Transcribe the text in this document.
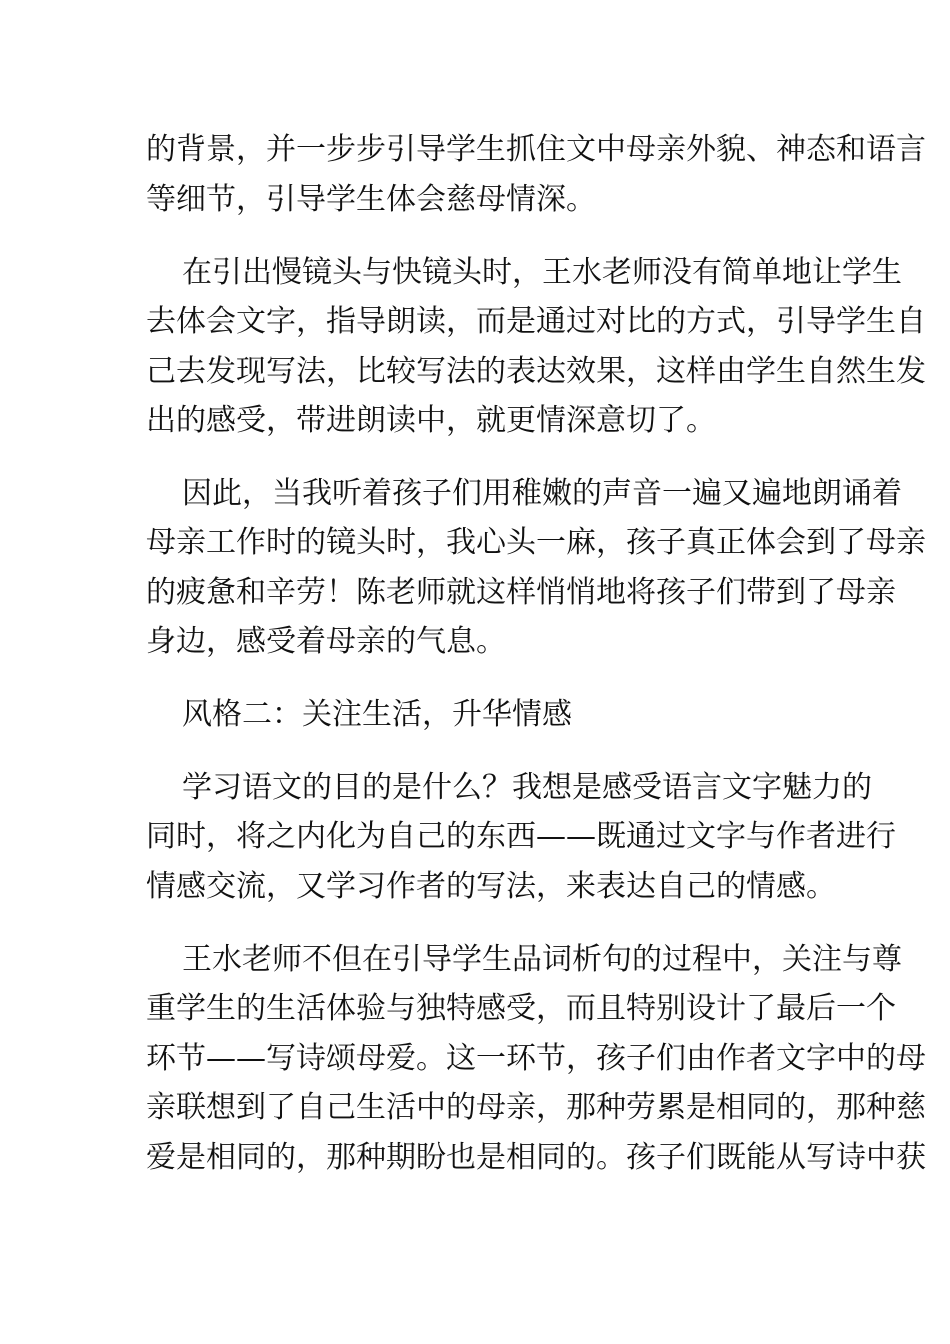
的背景，并一步步引导学生抓住文中母亲外貌、神态和语言
等细节，引导学生体会慈母情深。
在引出慢镜头与快镜头时，王水老师没有简单地让学生
去体会文字，指导朗读，而是通过对比的方式，引导学生自
己去发现写法，比较写法的表达效果，这样由学生自然生发
出的感受，带进朗读中，就更情深意切了。
因此，当我听着孩子们用稚嫩的声音一遍又遍地朗诵着
母亲工作时的镜头时，我心头一麻，孩子真正体会到了母亲
的疲惫和辛劳！陈老师就这样悄悄地将孩子们带到了母亲
身边，感受着母亲的气息。
风格二：关注生活，升华情感
学习语文的目的是什么？我想是感受语言文字魅力的
同时，将之内化为自己的东西——既通过文字与作者进行
情感交流，又学习作者的写法，来表达自己的情感。
王水老师不但在引导学生品词析句的过程中，关注与尊
重学生的生活体验与独特感受，而且特别设计了最后一个
环节——写诗颂母爱。这一环节，孩子们由作者文字中的母
亲联想到了自己生活中的母亲，那种劳累是相同的，那种慈
爱是相同的，那种期盼也是相同的。孩子们既能从写诗中获
